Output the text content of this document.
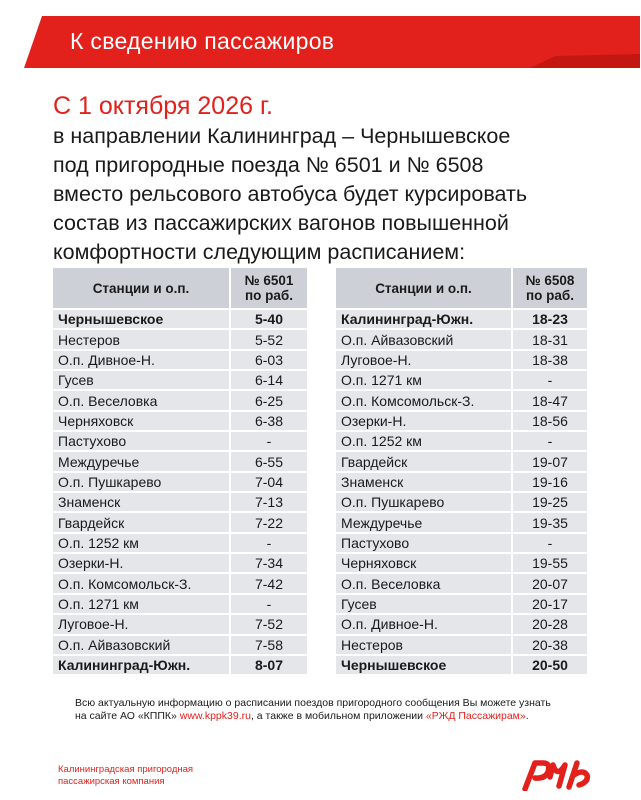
К сведению пассажиров
С 1 октября 2026 г.
в направлении Калининград – Чернышевское
под пригородные поезда № 6501 и № 6508
вместо рельсового автобуса будет курсировать
состав из пассажирских вагонов повышенной
комфортности следующим расписанием:
Станции и о.п.	№ 6501
по раб.

Чернышевское	5-40
Нестеров	5-52
О.п. Дивное-Н.	6-03
Гусев	6-14
О.п. Веселовка	6-25
Черняховск	6-38
Пастухово	-
Междуречье	6-55
О.п. Пушкарево	7-04
Знаменск	7-13
Гвардейск	7-22
О.п. 1252 км	-
Озерки-Н.	7-34
О.п. Комсомольск-З.	7-42
О.п. 1271 км	-
Луговое-Н.	7-52
О.п. Айвазовский	7-58
Калининград-Южн.	8-07
Станции и о.п.	№ 6508
по раб.

Калининград-Южн.	18-23
О.п. Айвазовский	18-31
Луговое-Н.	18-38
О.п. 1271 км	-
О.п. Комсомольск-З.	18-47
Озерки-Н.	18-56
О.п. 1252 км	-
Гвардейск	19-07
Знаменск	19-16
О.п. Пушкарево	19-25
Междуречье	19-35
Пастухово	-
Черняховск	19-55
О.п. Веселовка	20-07
Гусев	20-17
О.п. Дивное-Н.	20-28
Нестеров	20-38
Чернышевское	20-50
Всю актуальную информацию о расписании поездов пригородного сообщения Вы можете узнать
на сайте АО «КППК» www.kppk39.ru, а также в мобильном приложении «РЖД Пассажирам».
Калининградская пригородная
пассажирская компания
